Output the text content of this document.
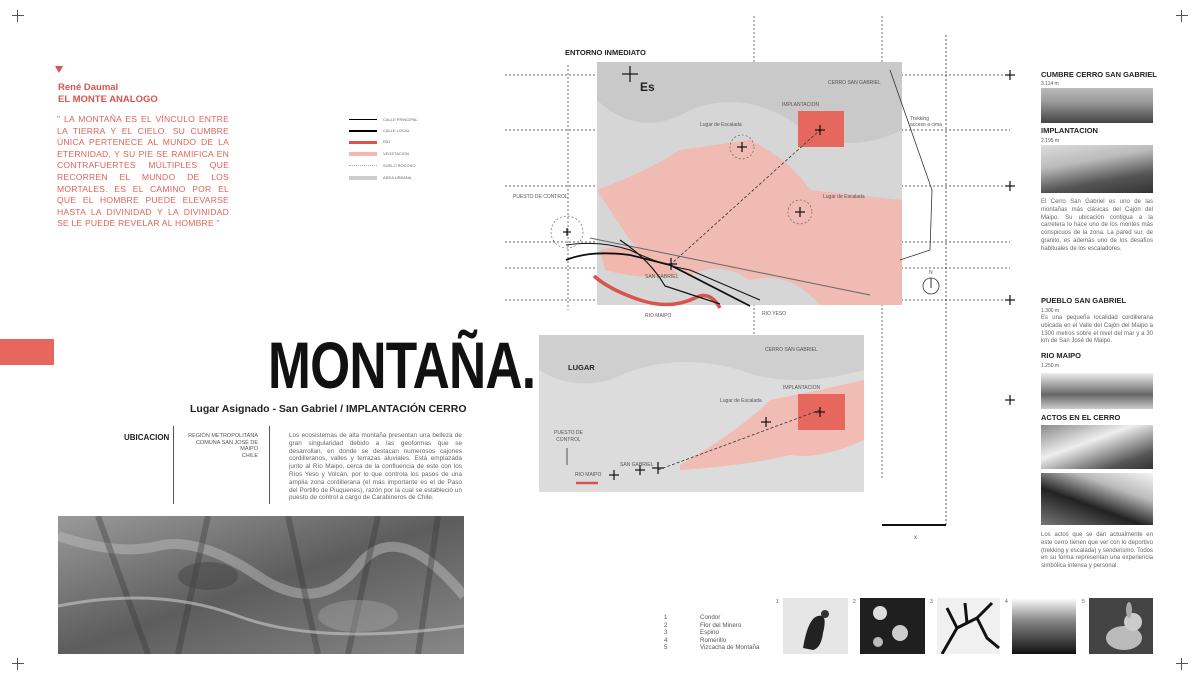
René Daumal
EL MONTE ANALOGO
" LA MONTAÑA ES EL VÍNCULO ENTRE LA TIERRA Y EL CIELO. SU CUMBRE ÚNICA PERTENECE AL MUNDO DE LA ETERNIDAD, Y SU PIE SE RAMIFICA EN CONTRAFUERTES MÚLTIPLES QUE RECORREN EL MUNDO DE LOS MORTALES. ES EL CAMINO POR EL QUE EL HOMBRE PUEDE ELEVARSE HASTA LA DIVINIDAD Y LA DIVINIDAD SE LE PUEDE REVELAR AL HOMBRE "
MONTAÑA.
Lugar Asignado - San Gabriel / IMPLANTACIÓN CERRO
UBICACION	REGIÓN METROPOLITANA
COMUNA SAN JOSÉ DE MAIPO
CHILE
Los ecosistemas de alta montaña presentan una belleza de gran singularidad debido a las geoformas que se desarrollan, en donde se destacan numerosos cajones cordilleranos, valles y terrazas aluviales. Está emplazada junto al Río Maipo, cerca de la confluencia de este con los Ríos Yeso y Volcán, por lo que controla los pasos de una amplia zona cordillerana (el más importante es el de Paso del Portillo de Piuquenes), razón por la cual se estableció un puesto de control a cargo de Carabineros de Chile.
CALLE PRINCIPAL
CALLE LOCAL
RIO
VEGETACION
SUELO ROCOSO
AREA URBANA
ENTORNO INMEDIATO
Es
IMPLANTACION
CERRO SAN GABRIEL
Lugar de Escalada
Lugar de Escalada
Trekking
acceso a cima
PUESTO DE CONTROL
SAN GABRIEL
RIO MAIPO	RIO YESO
N
LUGAR
CERRO SAN GABRIEL
IMPLANTACION
Lugar de Escalada
PUESTO DE
CONTROL
SAN GABRIEL
RIO MAIPO
x
CUMBRE CERRO SAN GABRIEL
3.114 m
IMPLANTACION
2.195 m
El Cerro San Gabriel es uno de las montañas más clásicas del Cajón del Maipo. Su ubicación contigua a la carretera lo hace uno de los montes más conspicuos de la zona. La pared sur, de granito, es además uno de los desafíos habituales de los escaladores.
PUEBLO SAN GABRIEL
1.300 m
Es una pequeña localidad cordillerana ubicada en el Valle del Cajón del Maipo a 1300 metros sobre el nivel del mar y a 30 km de San José de Maipo.
RIO MAIPO
1.250 m
ACTOS EN EL CERRO
Los actos que se dan actualmente en este cerro tienen que ver con lo deportivo (trekking y escalada) y senderismo. Todos en su forma representan una experiencia simbólica intensa y personal.
1
2
3
4
5
Condor
Flor del Minero
Espino
Romerillo
Vizcacha de Montaña
1	2	3	4	5
